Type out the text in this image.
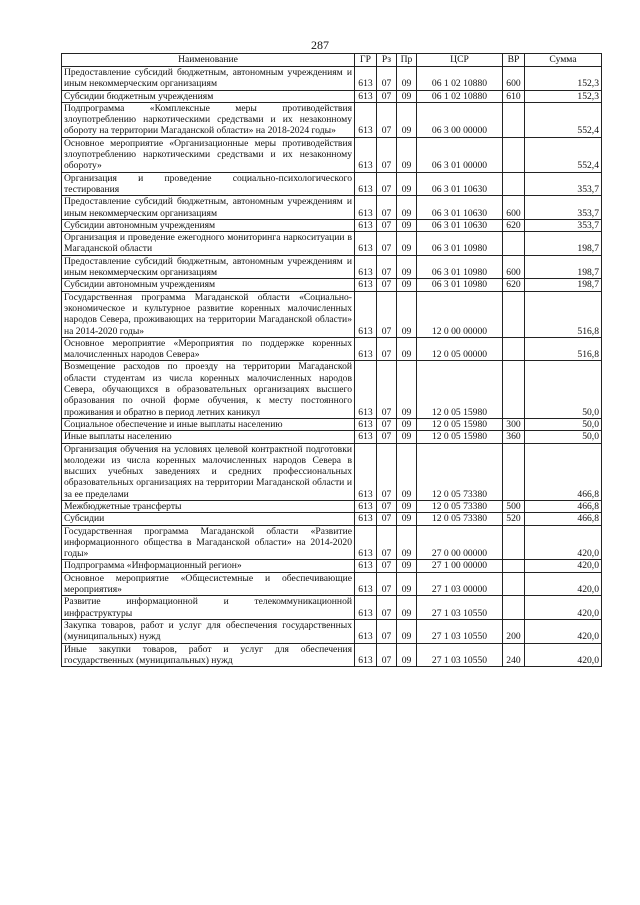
287
Наименование	ГР	Рз	Пр	ЦСР	ВР	Сумма
Предоставление субсидий бюджетным, автономным учреждениям и иным некоммерческим организациям	613	07	09	06 1 02 10880	600	152,3
Субсидии бюджетным учреждениям	613	07	09	06 1 02 10880	610	152,3
Подпрограмма «Комплексные меры противодействия злоупотреблению наркотическими средствами и их незаконному обороту на территории Магаданской области» на 2018-2024 годы»	613	07	09	06 3 00 00000		552,4
Основное мероприятие «Организационные меры противодействия злоупотреблению наркотическими средствами и их незаконному обороту»	613	07	09	06 3 01 00000		552,4
Организация и проведение социально-психологического тестирования	613	07	09	06 3 01 10630		353,7
Предоставление субсидий бюджетным, автономным учреждениям и иным некоммерческим организациям	613	07	09	06 3 01 10630	600	353,7
Субсидии автономным учреждениям	613	07	09	06 3 01 10630	620	353,7
Организация и проведение ежегодного мониторинга наркоситуации в Магаданской области	613	07	09	06 3 01 10980		198,7
Предоставление субсидий бюджетным, автономным учреждениям и иным некоммерческим организациям	613	07	09	06 3 01 10980	600	198,7
Субсидии автономным учреждениям	613	07	09	06 3 01 10980	620	198,7
Государственная программа Магаданской области «Социально-экономическое и культурное развитие коренных малочисленных народов Севера, проживающих на территории Магаданской области» на 2014-2020 годы»	613	07	09	12 0 00 00000		516,8
Основное мероприятие «Мероприятия по поддержке коренных малочисленных народов Севера»	613	07	09	12 0 05 00000		516,8
Возмещение расходов по проезду на территории Магаданской области студентам из числа коренных малочисленных народов Севера, обучающихся в образовательных организациях высшего образования по очной форме обучения, к месту постоянного проживания и обратно в период летних каникул	613	07	09	12 0 05 15980		50,0
Социальное обеспечение и иные выплаты населению	613	07	09	12 0 05 15980	300	50,0
Иные выплаты населению	613	07	09	12 0 05 15980	360	50,0
Организация обучения на условиях целевой контрактной подготовки молодежи из числа коренных малочисленных народов Севера в высших учебных заведениях и средних профессиональных образовательных организациях на территории Магаданской области и за ее пределами	613	07	09	12 0 05 73380		466,8
Межбюджетные трансферты	613	07	09	12 0 05 73380	500	466,8
Субсидии	613	07	09	12 0 05 73380	520	466,8
Государственная программа Магаданской области «Развитие информационного общества в Магаданской области» на 2014-2020 годы»	613	07	09	27 0 00 00000		420,0
Подпрограмма «Информационный регион»	613	07	09	27 1 00 00000		420,0
Основное мероприятие «Общесистемные и обеспечивающие мероприятия»	613	07	09	27 1 03 00000		420,0
Развитие информационной и телекоммуникационной инфраструктуры	613	07	09	27 1 03 10550		420,0
Закупка товаров, работ и услуг для обеспечения государственных (муниципальных) нужд	613	07	09	27 1 03 10550	200	420,0
Иные закупки товаров, работ и услуг для обеспечения государственных (муниципальных) нужд	613	07	09	27 1 03 10550	240	420,0
